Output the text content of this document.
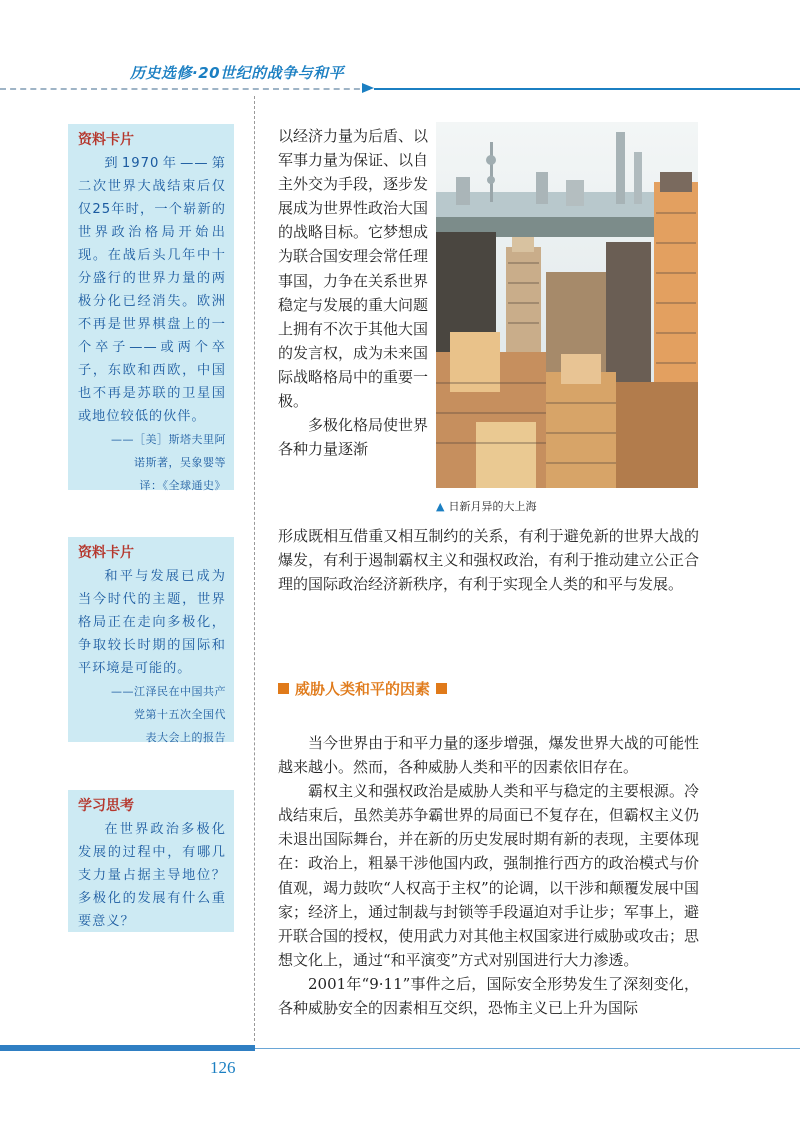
历史选修·20世纪的战争与和平
资料卡片
到1970年——第二次世界大战结束后仅仅25年时，一个崭新的世界政治格局开始出现。在战后头几年中十分盛行的世界力量的两极分化已经消失。欧洲不再是世界棋盘上的一个卒子——或两个卒子，东欧和西欧，中国也不再是苏联的卫星国或地位较低的伙伴。
——［美］斯塔夫里阿
诺斯著，吴象婴等
译：《全球通史》
资料卡片
和平与发展已成为当今时代的主题，世界格局正在走向多极化，争取较长时期的国际和平环境是可能的。
——江泽民在中国共产
党第十五次全国代
表大会上的报告
学习思考
在世界政治多极化发展的过程中，有哪几支力量占据主导地位？多极化的发展有什么重要意义？

以经济力量为后盾、以军事力量为保证、以自主外交为手段，逐步发展成为世界性政治大国的战略目标。它梦想成为联合国安理会常任理事国，力争在关系世界稳定与发展的重大问题上拥有不次于其他大国的发言权，成为未来国际战略格局中的重要一极。

多极化格局使世界各种力量逐渐

▲ 日新月异的大上海

形成既相互借重又相互制约的关系，有利于避免新的世界大战的爆发，有利于遏制霸权主义和强权政治，有利于推动建立公正合理的国际政治经济新秩序，有利于实现全人类的和平与发展。

威胁人类和平的因素

当今世界由于和平力量的逐步增强，爆发世界大战的可能性越来越小。然而，各种威胁人类和平的因素依旧存在。

霸权主义和强权政治是威胁人类和平与稳定的主要根源。冷战结束后，虽然美苏争霸世界的局面已不复存在，但霸权主义仍未退出国际舞台，并在新的历史发展时期有新的表现，主要体现在：政治上，粗暴干涉他国内政，强制推行西方的政治模式与价值观，竭力鼓吹“人权高于主权”的论调，以干涉和颠覆发展中国家；经济上，通过制裁与封锁等手段逼迫对手让步；军事上，避开联合国的授权，使用武力对其他主权国家进行威胁或攻击；思想文化上，通过“和平演变”方式对别国进行大力渗透。

2001年“9·11”事件之后，国际安全形势发生了深刻变化，各种威胁安全的因素相互交织，恐怖主义已上升为国际

126
